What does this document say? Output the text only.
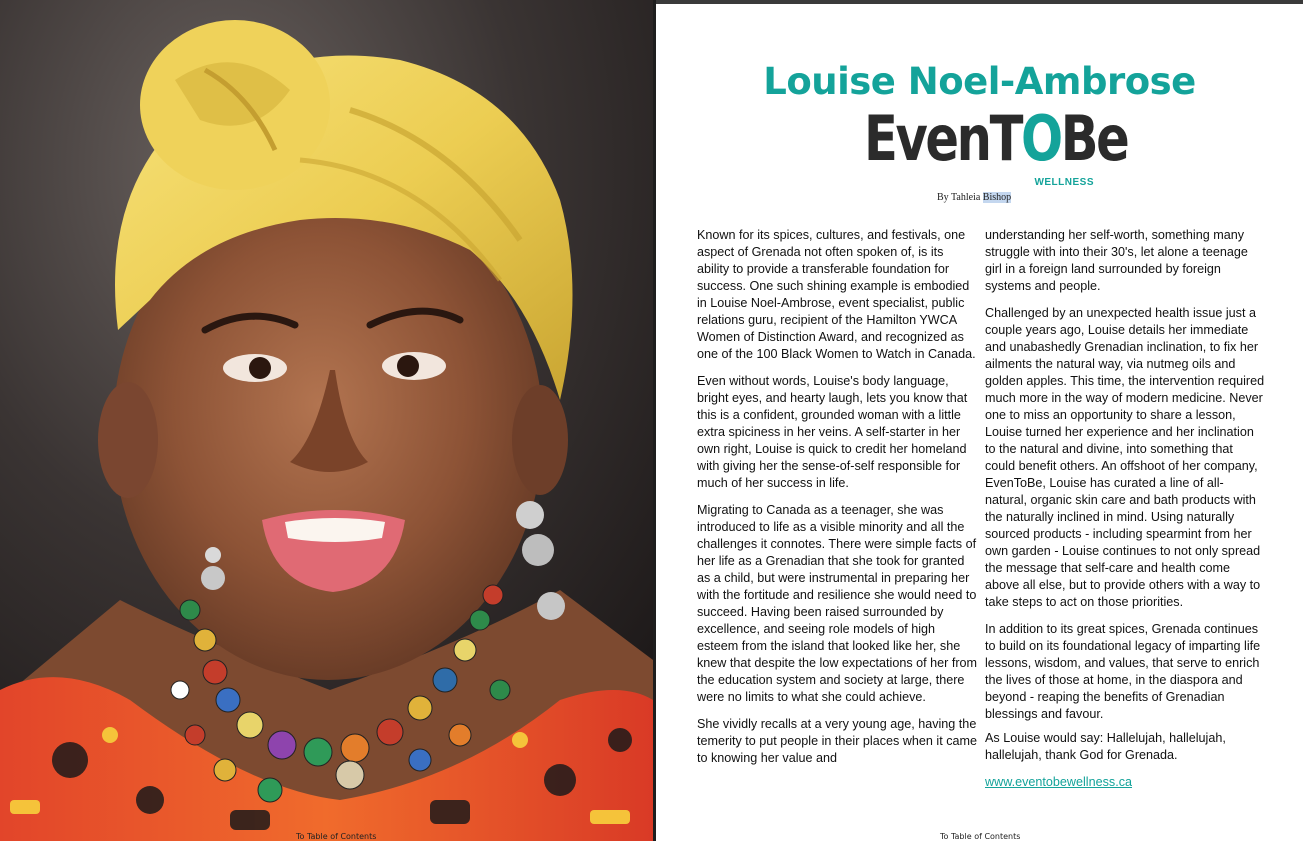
To Table of Contents
Louise Noel-Ambrose
EvenTOBe
WELLNESS
By Tahleia Bishop

Known for its spices, cultures, and festivals, one aspect of Grenada not often spoken of, is its ability to provide a transferable foundation for success. One such shining example is embodied in Louise Noel-Ambrose, event specialist, public relations guru, recipient of the Hamilton YWCA Women of Distinction Award, and recognized as one of the 100 Black Women to Watch in Canada.

Even without words, Louise's body language, bright eyes, and hearty laugh, lets you know that this is a confident, grounded woman with a little extra spiciness in her veins. A self-starter in her own right, Louise is quick to credit her homeland with giving her the sense-of-self responsible for much of her success in life.

Migrating to Canada as a teenager, she was introduced to life as a visible minority and all the challenges it connotes. There were simple facts of her life as a Grenadian that she took for granted as a child, but were instrumental in preparing her with the fortitude and resilience she would need to succeed. Having been raised surrounded by excellence, and seeing role models of high esteem from the island that looked like her, she knew that despite the low expectations of her from the education system and society at large, there were no limits to what she could achieve.

She vividly recalls at a very young age, having the temerity to put people in their places when it came to knowing her value and

understanding her self-worth, something many struggle with into their 30's, let alone a teenage girl in a foreign land surrounded by foreign systems and people.

Challenged by an unexpected health issue just a couple years ago, Louise details her immediate and unabashedly Grenadian inclination, to fix her ailments the natural way, via nutmeg oils and golden apples. This time, the intervention required much more in the way of modern medicine. Never one to miss an opportunity to share a lesson, Louise turned her experience and her inclination to the natural and divine, into something that could benefit others. An offshoot of her company, EvenToBe, Louise has curated a line of all-natural, organic skin care and bath products with the naturally inclined in mind. Using naturally sourced products - including spearmint from her own garden - Louise continues to not only spread the message that self-care and health come above all else, but to provide others with a way to take steps to act on those priorities.

In addition to its great spices, Grenada continues to build on its foundational legacy of imparting life lessons, wisdom, and values, that serve to enrich the lives of those at home, in the diaspora and beyond - reaping the benefits of Grenadian blessings and favour.

As Louise would say: Hallelujah, hallelujah, hallelujah, thank God for Grenada.

www.eventobewellness.ca

To Table of Contents
